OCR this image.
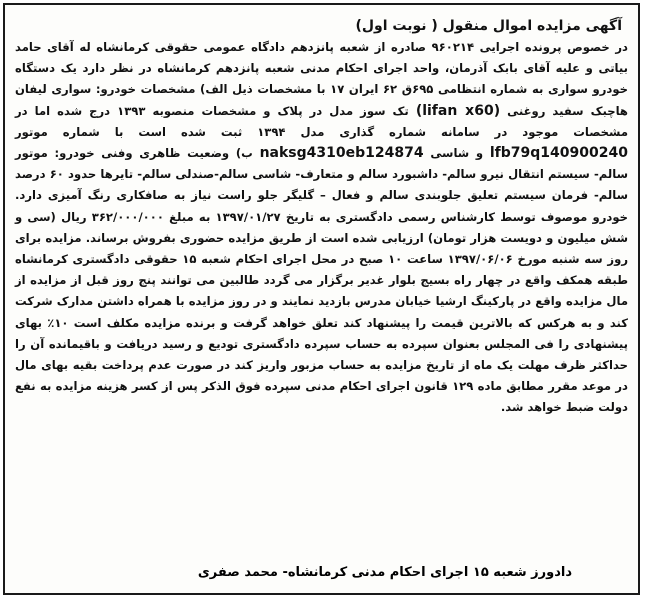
آگهی مزایده اموال منقول ( نوبت اول)

در خصوص پرونده اجرایی ۹۶۰۲۱۴ صادره از شعبه پانزدهم دادگاه عمومی حقوقی کرمانشاه له آقای حامد بیاتی و علیه آقای بابک آذرمان، واحد اجرای احکام مدنی شعبه پانزدهم کرمانشاه در نظر دارد یک دستگاه خودرو سواری به شماره انتظامی ۶۹۵ق ۶۲ ایران ۱۷ با مشخصات ذیل الف) مشخصات خودرو: سواری لیفان هاچبک سفید روغنی (lifan x60) تک سوز مدل در پلاک و مشخصات منصوبه ۱۳۹۳ درج شده اما در مشخصات موجود در سامانه شماره گذاری مدل ۱۳۹۴ ثبت شده است با شماره موتور lfb79q140900240 و شاسی naksg4310eb124874 ب) وضعیت ظاهری وفنی خودرو: موتور سالم- سیستم انتقال نیرو سالم- داشبورد سالم و متعارف- شاسی سالم-صندلی سالم- تایرها حدود ۶۰ درصد سالم- فرمان سیستم تعلیق جلوبندی سالم و فعال – گلیگر جلو راست نیاز به صافکاری رنگ آمیزی دارد. خودرو موصوف توسط کارشناس رسمی دادگستری به تاریخ ۱۳۹۷/۰۱/۲۷ به مبلغ ۳۶۲/۰۰۰/۰۰۰ ریال (سی و شش میلیون و دویست هزار تومان) ارزیابی شده است از طریق مزایده حضوری بفروش برساند. مزایده برای روز سه شنبه مورخ ۱۳۹۷/۰۶/۰۶ ساعت ۱۰ صبح در محل اجرای احکام شعبه ۱۵ حقوقی دادگستری کرمانشاه طبقه همکف واقع در چهار راه بسیج بلوار غدیر برگزار می گردد طالبین می توانند پنج روز قبل از مزایده از مال مزایده واقع در پارکینگ ارشیا خیابان مدرس بازدید نمایند و در روز مزایده با همراه داشتن مدارک شرکت کند و به هرکس که بالاترین قیمت را پیشنهاد کند تعلق خواهد گرفت و برنده مزایده مکلف است ۱۰٪ بهای پیشنهادی را فی المجلس بعنوان سپرده به حساب سپرده دادگستری تودیع و رسید دریافت و باقیمانده آن را حداکثر ظرف مهلت یک ماه از تاریخ مزایده به حساب مزبور واریز کند در صورت عدم پرداخت بقیه بهای مال در موعد مقرر مطابق ماده ۱۲۹ قانون اجرای احکام مدنی سپرده فوق الذکر پس از کسر هزینه مزایده به نفع دولت ضبط خواهد شد.

دادورز شعبه ۱۵ اجرای احکام مدنی کرمانشاه- محمد صفری
